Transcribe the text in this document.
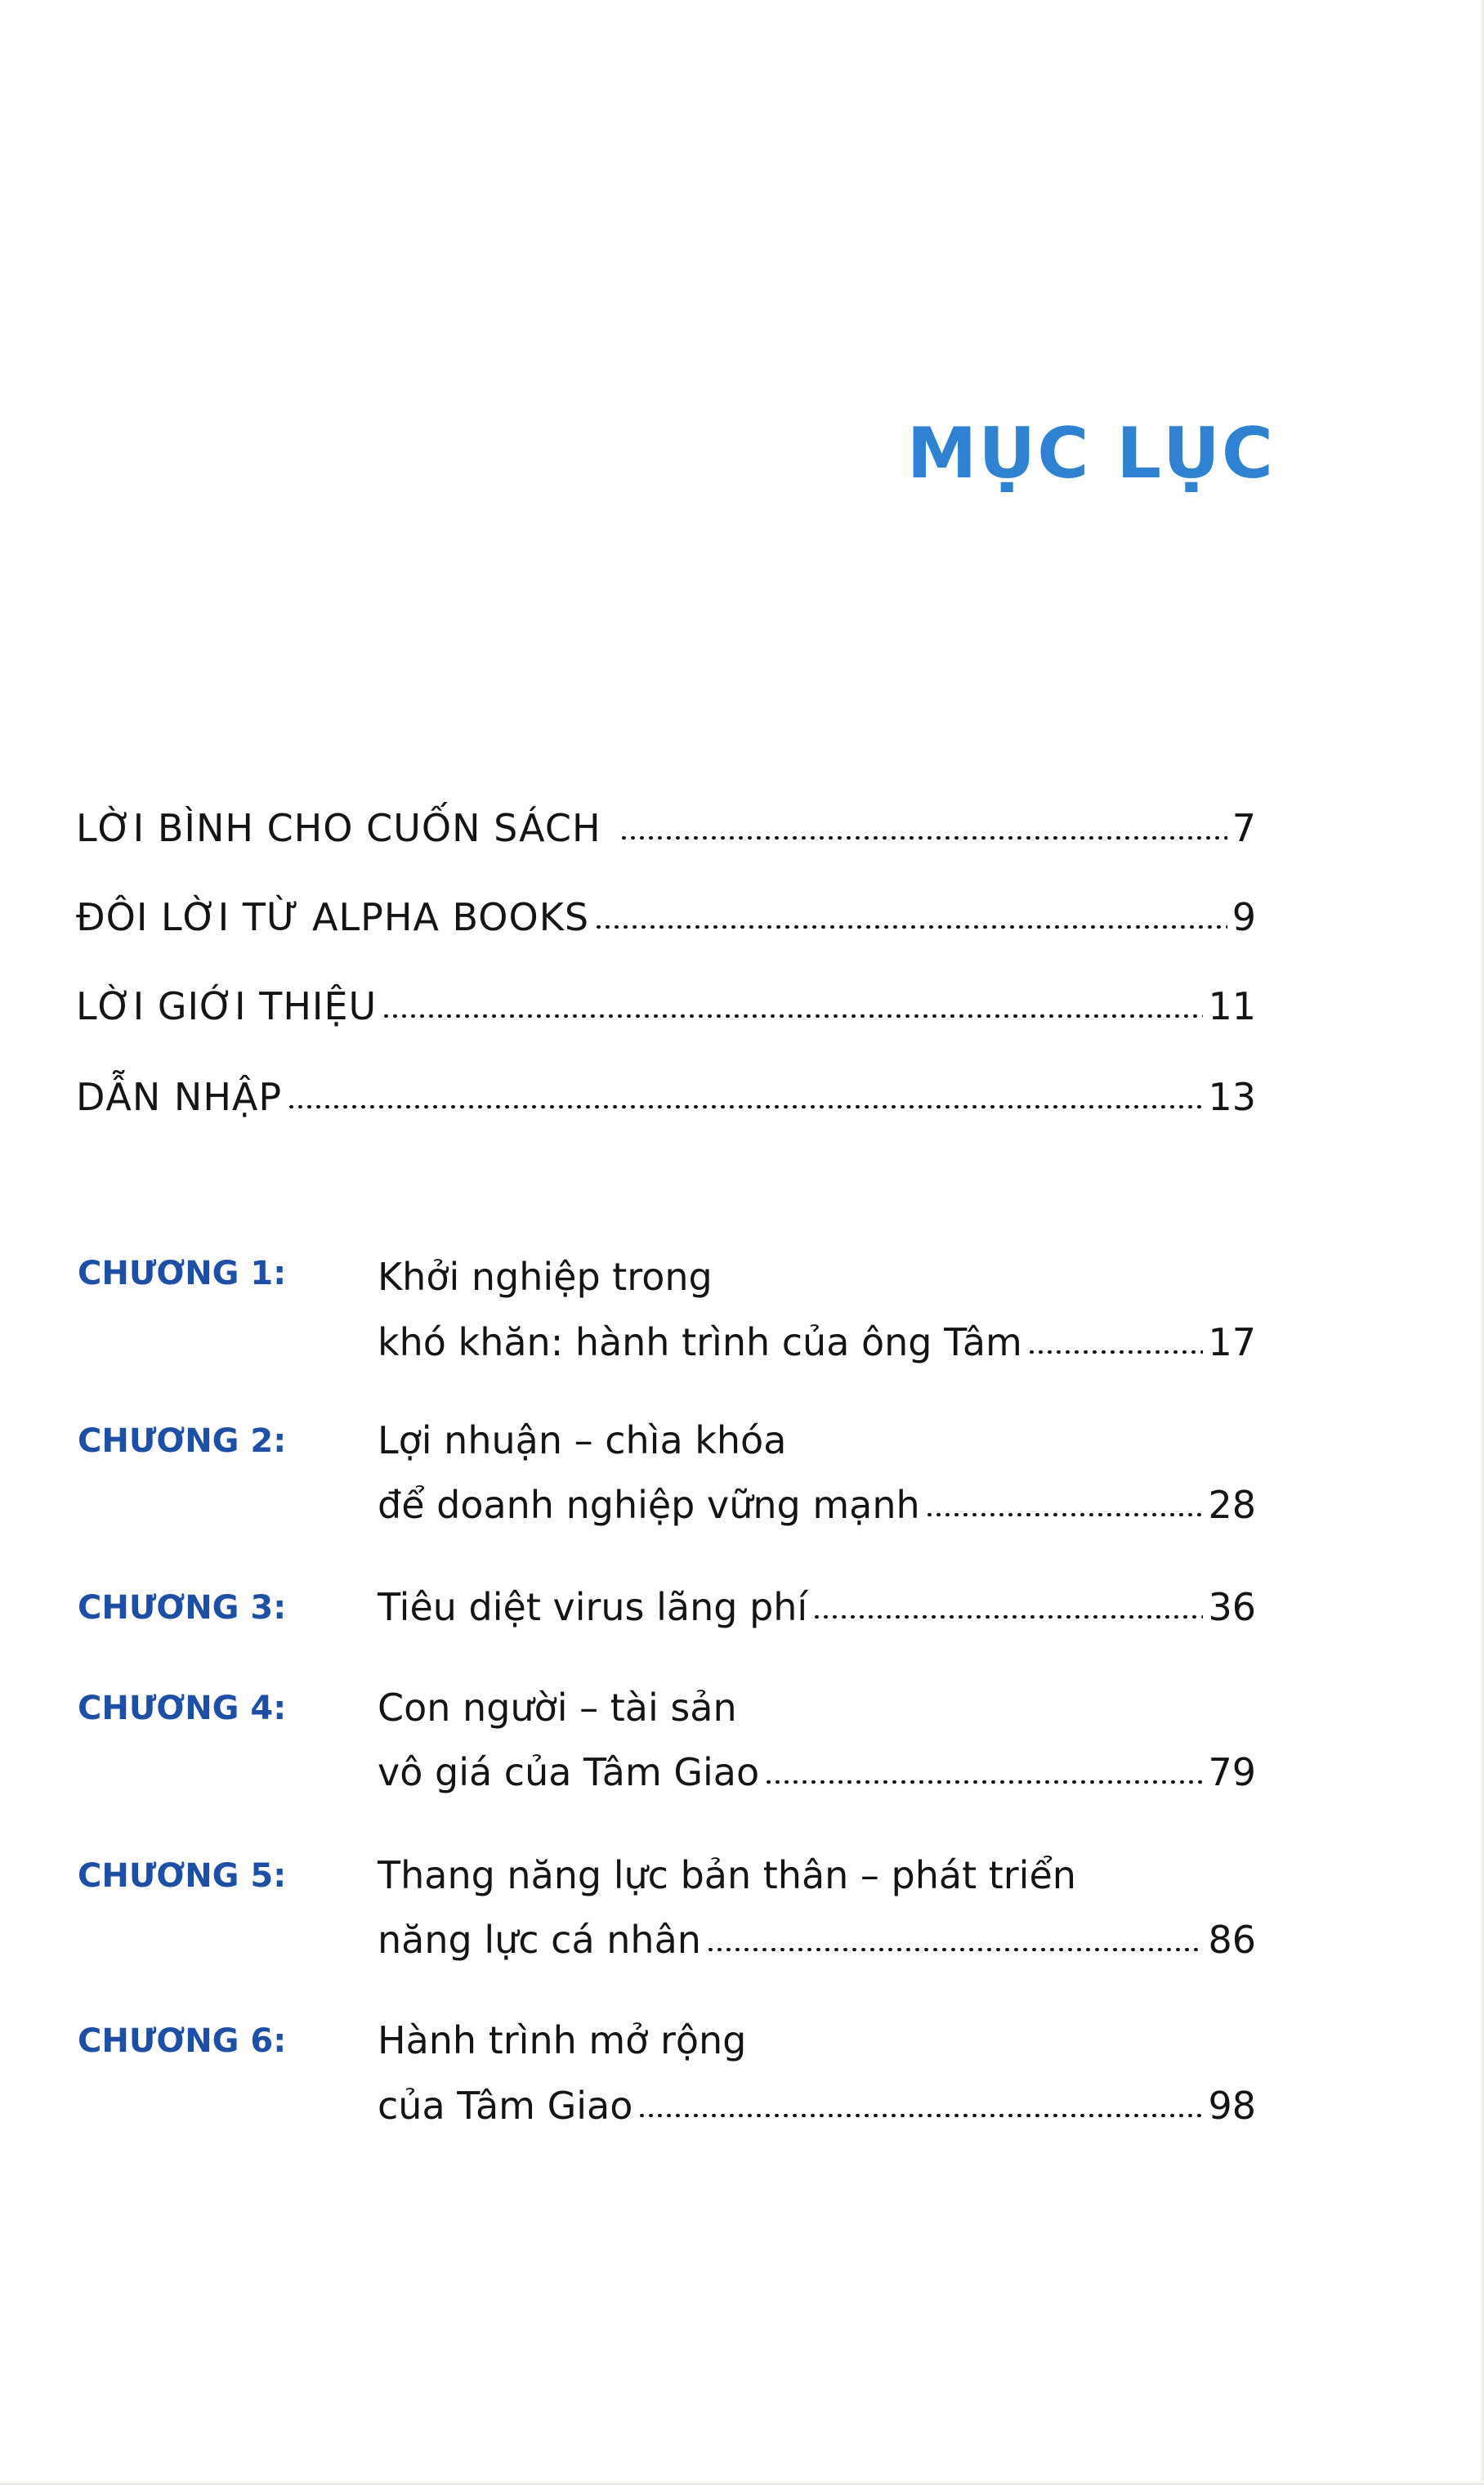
MỤC LỤC
LỜI BÌNH CHO CUỐN SÁCH	7
ĐÔI LỜI TỪ ALPHA BOOKS	9
LỜI GIỚI THIỆU	11
DẪN NHẬP	13
CHƯƠNG 1: Khởi nghiệp trong
khó khăn: hành trình của ông Tâm	17
CHƯƠNG 2: Lợi nhuận – chìa khóa
để doanh nghiệp vững mạnh	28
CHƯƠNG 3: Tiêu diệt virus lãng phí	36
CHƯƠNG 4: Con người – tài sản
vô giá của Tâm Giao	79
CHƯƠNG 5: Thang năng lực bản thân – phát triển
năng lực cá nhân	86
CHƯƠNG 6: Hành trình mở rộng
của Tâm Giao	98
